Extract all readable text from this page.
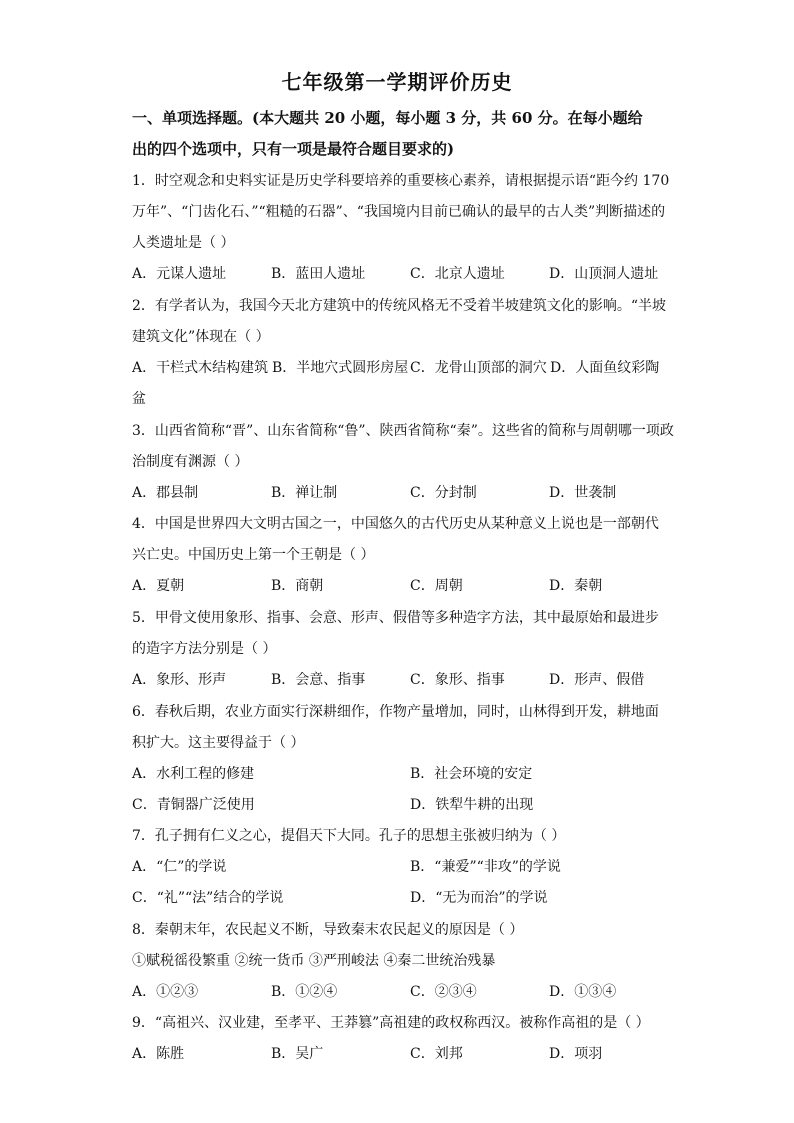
七年级第一学期评价历史
一、单项选择题。(本大题共 20 小题，每小题 3 分，共 60 分。在每小题给
出的四个选项中，只有一项是最符合题目要求的)
1．时空观念和史料实证是历史学科要培养的重要核心素养，请根据提示语“距今约 170
万年”、“门齿化石、”“粗糙的石器”、“我国境内目前已确认的最早的古人类”判断描述的
人类遗址是（ ）
A．元谋人遗址	B．蓝田人遗址	C．北京人遗址	D．山顶洞人遗址
2．有学者认为，我国今天北方建筑中的传统风格无不受着半坡建筑文化的影响。“半坡
建筑文化”体现在（ ）
A．干栏式木结构建筑 B．半地穴式圆形房屋 C．龙骨山顶部的洞穴 D．人面鱼纹彩陶
盆
3．山西省简称“晋”、山东省简称“鲁”、陕西省简称“秦”。这些省的简称与周朝哪一项政
治制度有渊源（ ）
A．郡县制	B．禅让制	C．分封制	D．世袭制
4．中国是世界四大文明古国之一，中国悠久的古代历史从某种意义上说也是一部朝代
兴亡史。中国历史上第一个王朝是（ ）
A．夏朝	B．商朝	C．周朝	D．秦朝
5．甲骨文使用象形、指事、会意、形声、假借等多种造字方法，其中最原始和最进步
的造字方法分别是（ ）
A．象形、形声	B．会意、指事	C．象形、指事	D．形声、假借
6．春秋后期，农业方面实行深耕细作，作物产量增加，同时，山林得到开发，耕地面
积扩大。这主要得益于（ ）
A．水利工程的修建	B．社会环境的安定
C．青铜器广泛使用	D．铁犁牛耕的出现
7．孔子拥有仁义之心，提倡天下大同。孔子的思想主张被归纳为（ ）
A．“仁”的学说	B．“兼爱”“非攻”的学说
C．“礼”“法”结合的学说	D．“无为而治”的学说
8．秦朝末年，农民起义不断，导致秦末农民起义的原因是（ ）
①赋税徭役繁重 ②统一货币 ③严刑峻法 ④秦二世统治残暴
A．①②③	B．①②④	C．②③④	D．①③④
9．“高祖兴、汉业建，至孝平、王莽篡”高祖建的政权称西汉。被称作高祖的是（ ）
A．陈胜	B．吴广	C．刘邦	D．项羽
